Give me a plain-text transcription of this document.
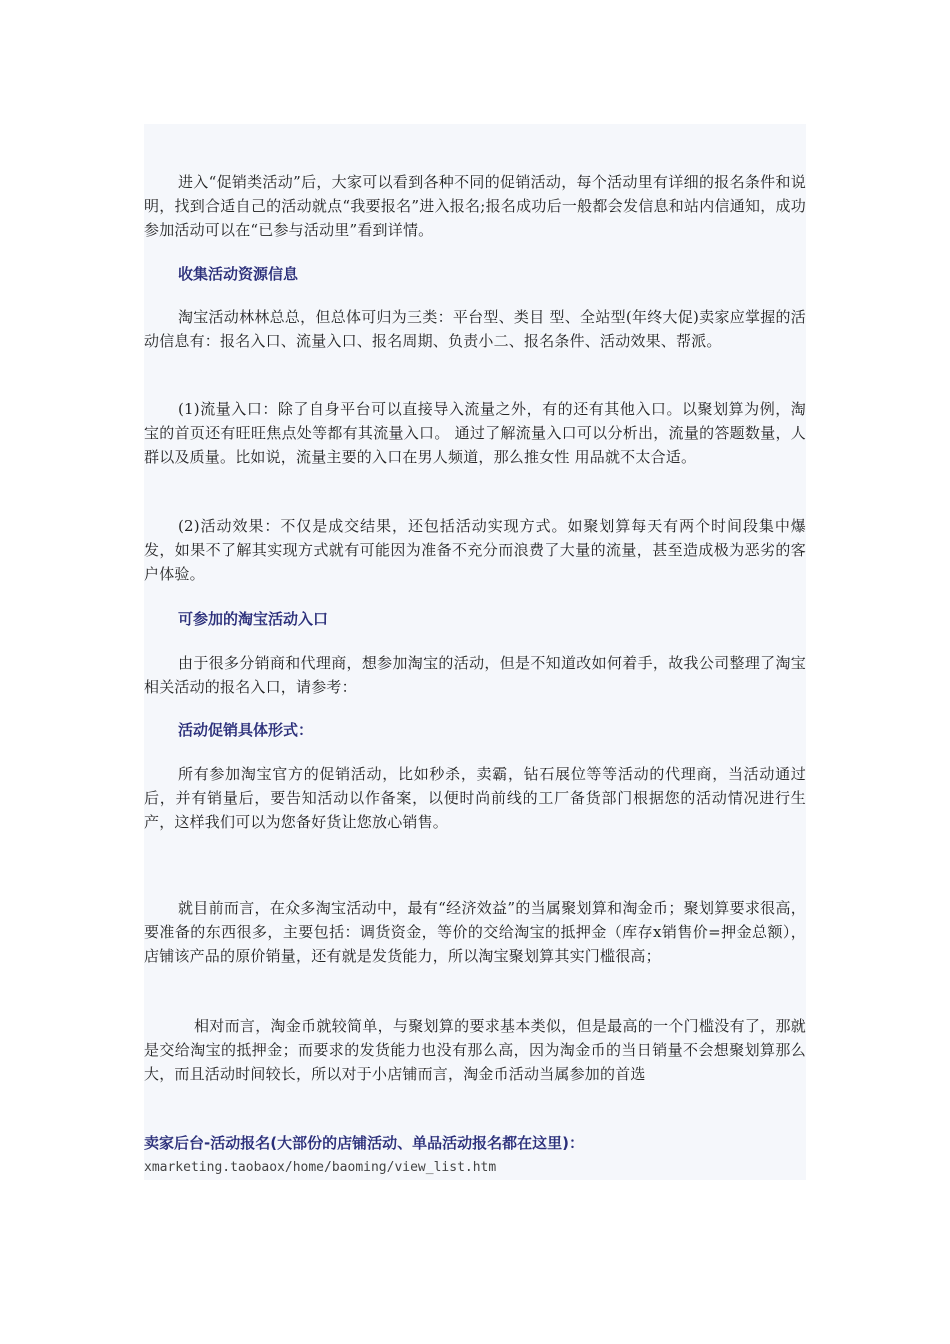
进入“促销类活动”后，大家可以看到各种不同的促销活动，每个活动里有详细的报名条件和说明，找到合适自己的活动就点“我要报名”进入报名;报名成功后一般都会发信息和站内信通知，成功参加活动可以在“已参与活动里”看到详情。

收集活动资源信息

淘宝活动林林总总，但总体可归为三类：平台型、类目 型、全站型(年终大促)卖家应掌握的活动信息有：报名入口、流量入口、报名周期、负责小二、报名条件、活动效果、帮派。

(1)流量入口：除了自身平台可以直接导入流量之外，有的还有其他入口。以聚划算为例，淘宝的首页还有旺旺焦点处等都有其流量入口。 通过了解流量入口可以分析出，流量的答题数量，人群以及质量。比如说，流量主要的入口在男人频道，那么推女性 用品就不太合适。

(2)活动效果：不仅是成交结果，还包括活动实现方式。如聚划算每天有两个时间段集中爆发，如果不了解其实现方式就有可能因为准备不充分而浪费了大量的流量，甚至造成极为恶劣的客户体验。

可参加的淘宝活动入口

由于很多分销商和代理商，想参加淘宝的活动，但是不知道改如何着手，故我公司整理了淘宝相关活动的报名入口，请参考：

活动促销具体形式：

所有参加淘宝官方的促销活动，比如秒杀，卖霸，钻石展位等等活动的代理商，当活动通过后，并有销量后，要告知活动以作备案，以便时尚前线的工厂备货部门根据您的活动情况进行生产，这样我们可以为您备好货让您放心销售。

就目前而言，在众多淘宝活动中，最有“经济效益”的当属聚划算和淘金币；聚划算要求很高，要准备的东西很多，主要包括：调货资金，等价的交给淘宝的抵押金（库存x销售价=押金总额），店铺该产品的原价销量，还有就是发货能力，所以淘宝聚划算其实门槛很高；

相对而言，淘金币就较简单，与聚划算的要求基本类似，但是最高的一个门槛没有了，那就是交给淘宝的抵押金；而要求的发货能力也没有那么高，因为淘金币的当日销量不会想聚划算那么大，而且活动时间较长，所以对于小店铺而言，淘金币活动当属参加的首选

卖家后台-活动报名(大部份的店铺活动、单品活动报名都在这里)：

xmarketing.taobaox/home/baoming/view_list.htm
